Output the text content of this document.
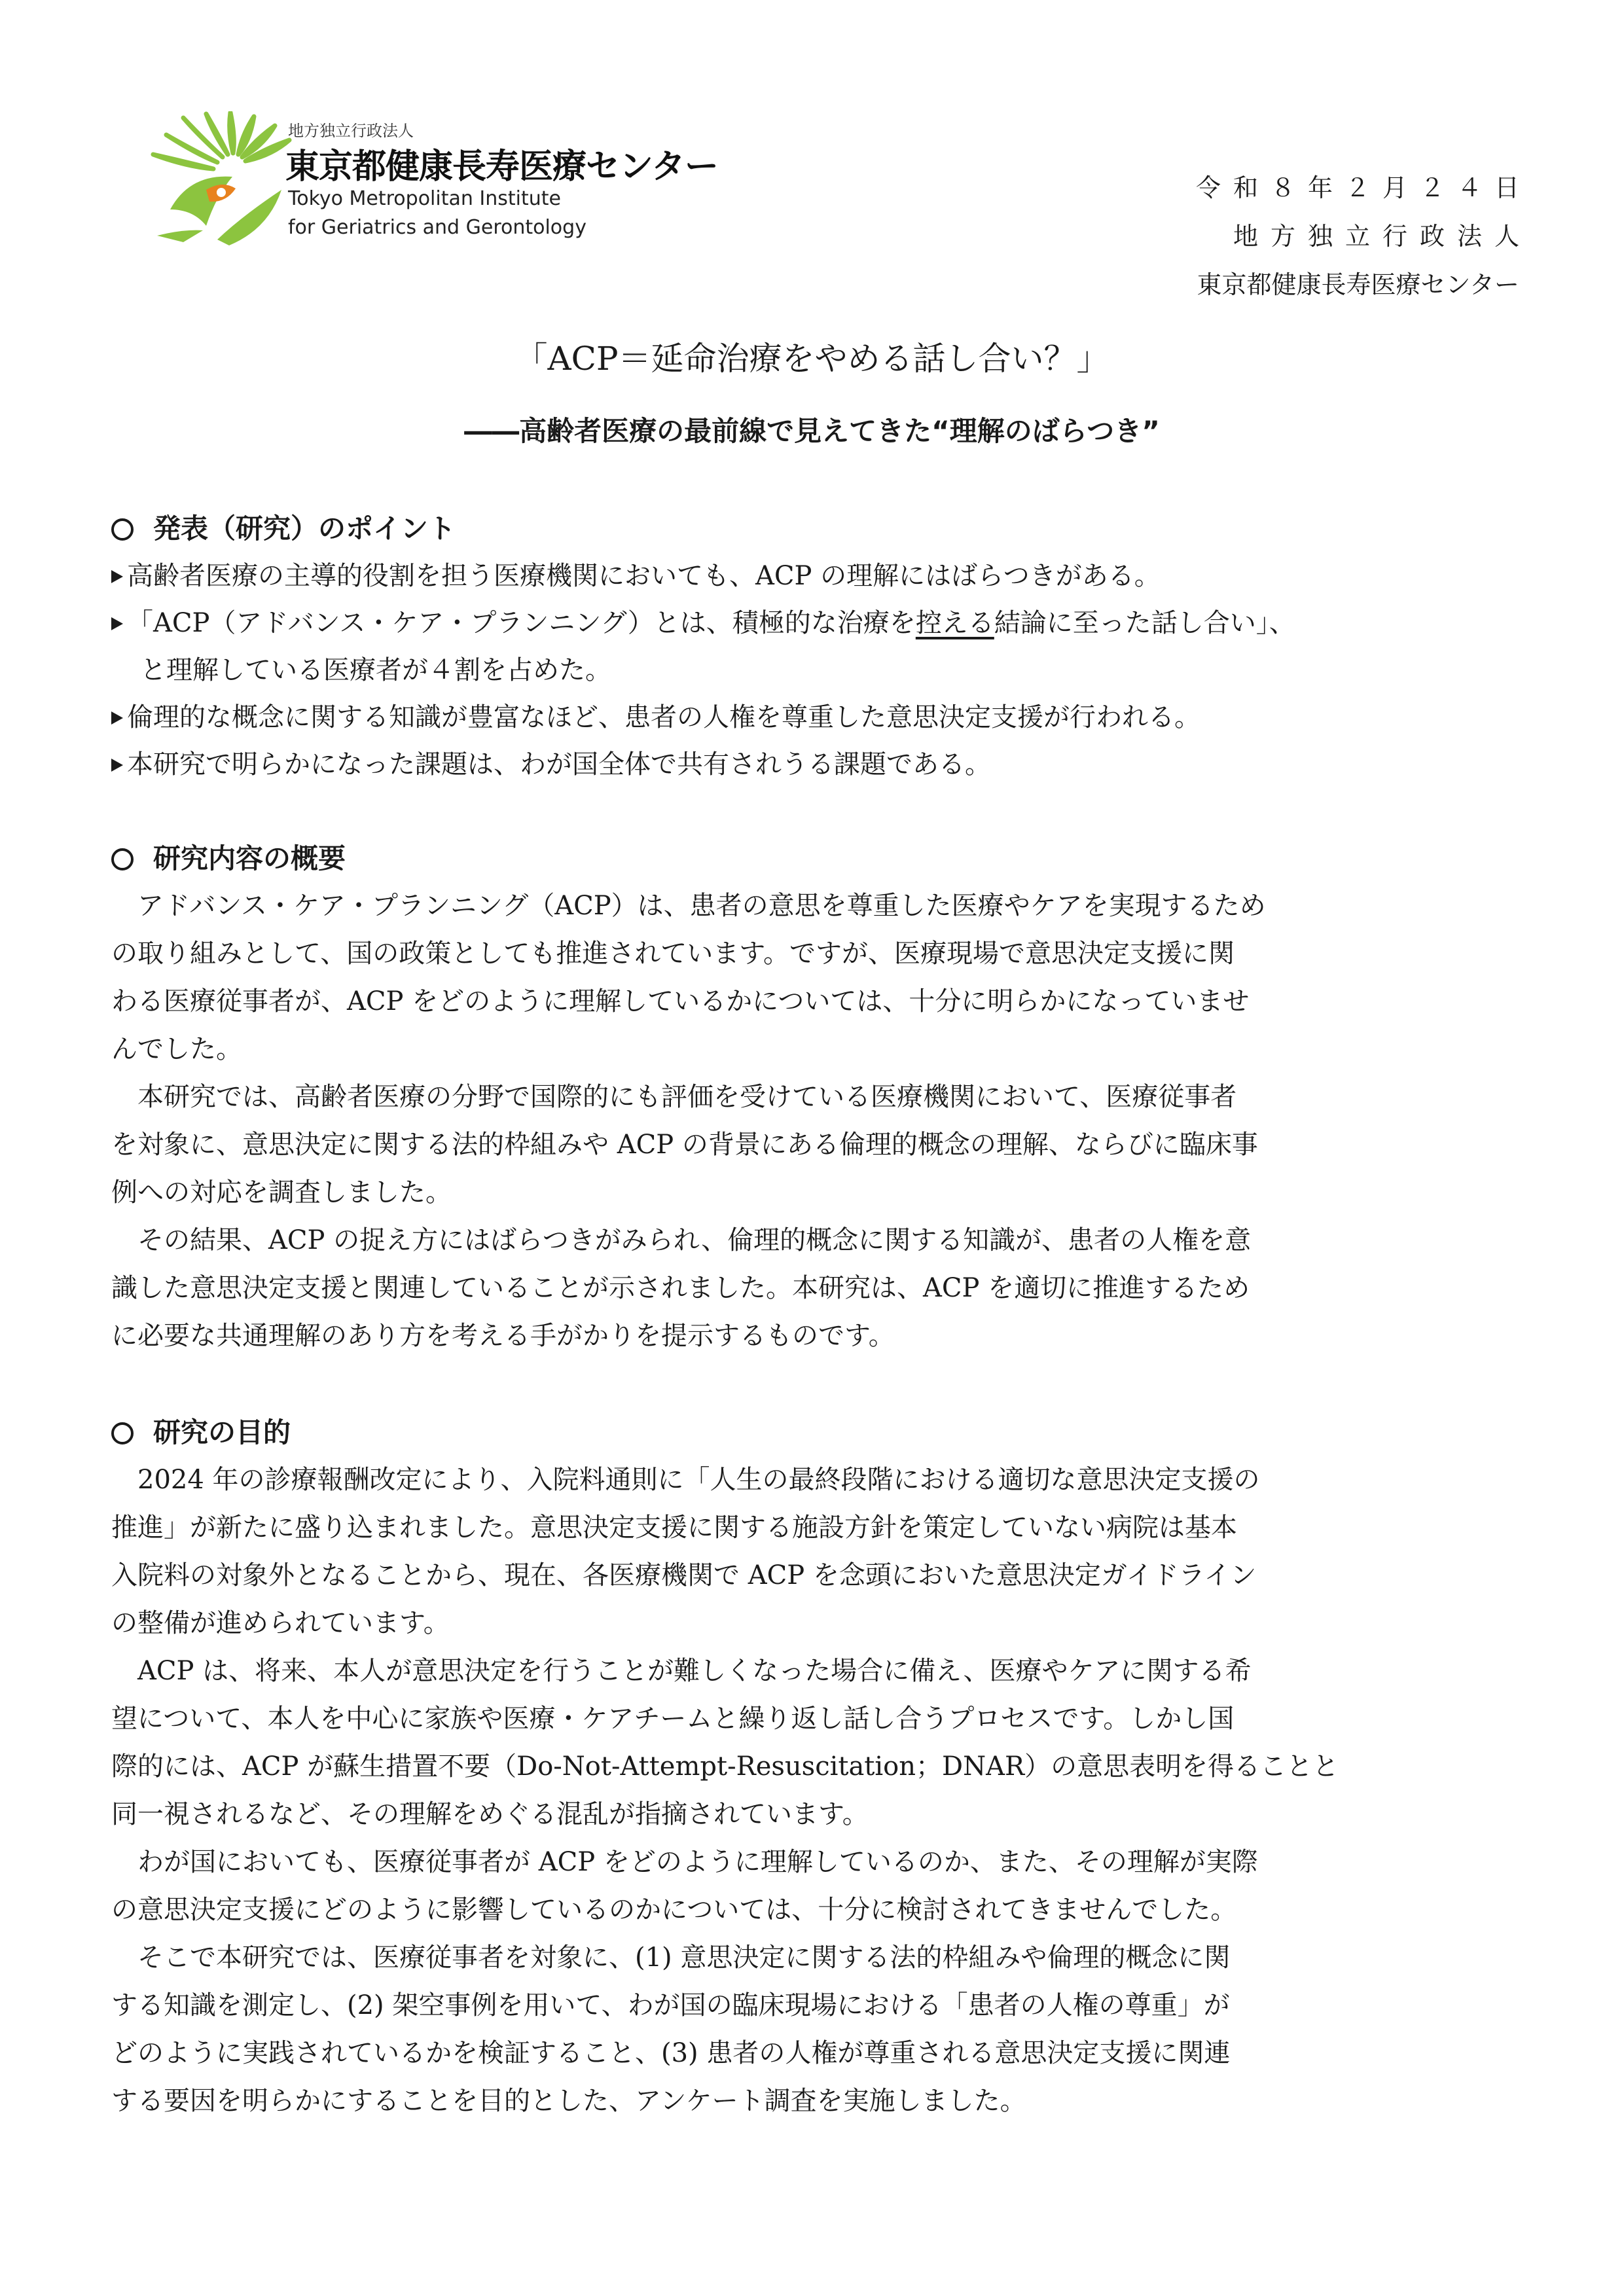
地方独立行政法人
東京都健康長寿医療センター
Tokyo Metropolitan Institute
for Geriatrics and Gerontology
令和８年２月２４日
地方独立行政法人
東京都健康長寿医療センター
「ACP＝延命治療をやめる話し合い？」
――高齢者医療の最前線で見えてきた“理解のばらつき”
発表（研究）のポイント
高齢者医療の主導的役割を担う医療機関においても、ACP の理解にはばらつきがある。
「ACP（アドバンス・ケア・プランニング）とは、積極的な治療を控える結論に至った話し合い」、
と理解している医療者が４割を占めた。
倫理的な概念に関する知識が豊富なほど、患者の人権を尊重した意思決定支援が行われる。
本研究で明らかになった課題は、わが国全体で共有されうる課題である。
研究内容の概要
　アドバンス・ケア・プランニング（ACP）は、患者の意思を尊重した医療やケアを実現するため
の取り組みとして、国の政策としても推進されています。ですが、医療現場で意思決定支援に関
わる医療従事者が、ACP をどのように理解しているかについては、十分に明らかになっていませ
んでした。
　本研究では、高齢者医療の分野で国際的にも評価を受けている医療機関において、医療従事者
を対象に、意思決定に関する法的枠組みや ACP の背景にある倫理的概念の理解、ならびに臨床事
例への対応を調査しました。
　その結果、ACP の捉え方にはばらつきがみられ、倫理的概念に関する知識が、患者の人権を意
識した意思決定支援と関連していることが示されました。本研究は、ACP を適切に推進するため
に必要な共通理解のあり方を考える手がかりを提示するものです。
研究の目的
　2024 年の診療報酬改定により、入院料通則に「人生の最終段階における適切な意思決定支援の
推進」が新たに盛り込まれました。意思決定支援に関する施設方針を策定していない病院は基本
入院料の対象外となることから、現在、各医療機関で ACP を念頭においた意思決定ガイドライン
の整備が進められています。
　ACP は、将来、本人が意思決定を行うことが難しくなった場合に備え、医療やケアに関する希
望について、本人を中心に家族や医療・ケアチームと繰り返し話し合うプロセスです。しかし国
際的には、ACP が蘇生措置不要（Do-Not-Attempt-Resuscitation；DNAR）の意思表明を得ることと
同一視されるなど、その理解をめぐる混乱が指摘されています。
　わが国においても、医療従事者が ACP をどのように理解しているのか、また、その理解が実際
の意思決定支援にどのように影響しているのかについては、十分に検討されてきませんでした。
　そこで本研究では、医療従事者を対象に、(1) 意思決定に関する法的枠組みや倫理的概念に関
する知識を測定し、(2) 架空事例を用いて、わが国の臨床現場における「患者の人権の尊重」が
どのように実践されているかを検証すること、(3) 患者の人権が尊重される意思決定支援に関連
する要因を明らかにすることを目的とした、アンケート調査を実施しました。
